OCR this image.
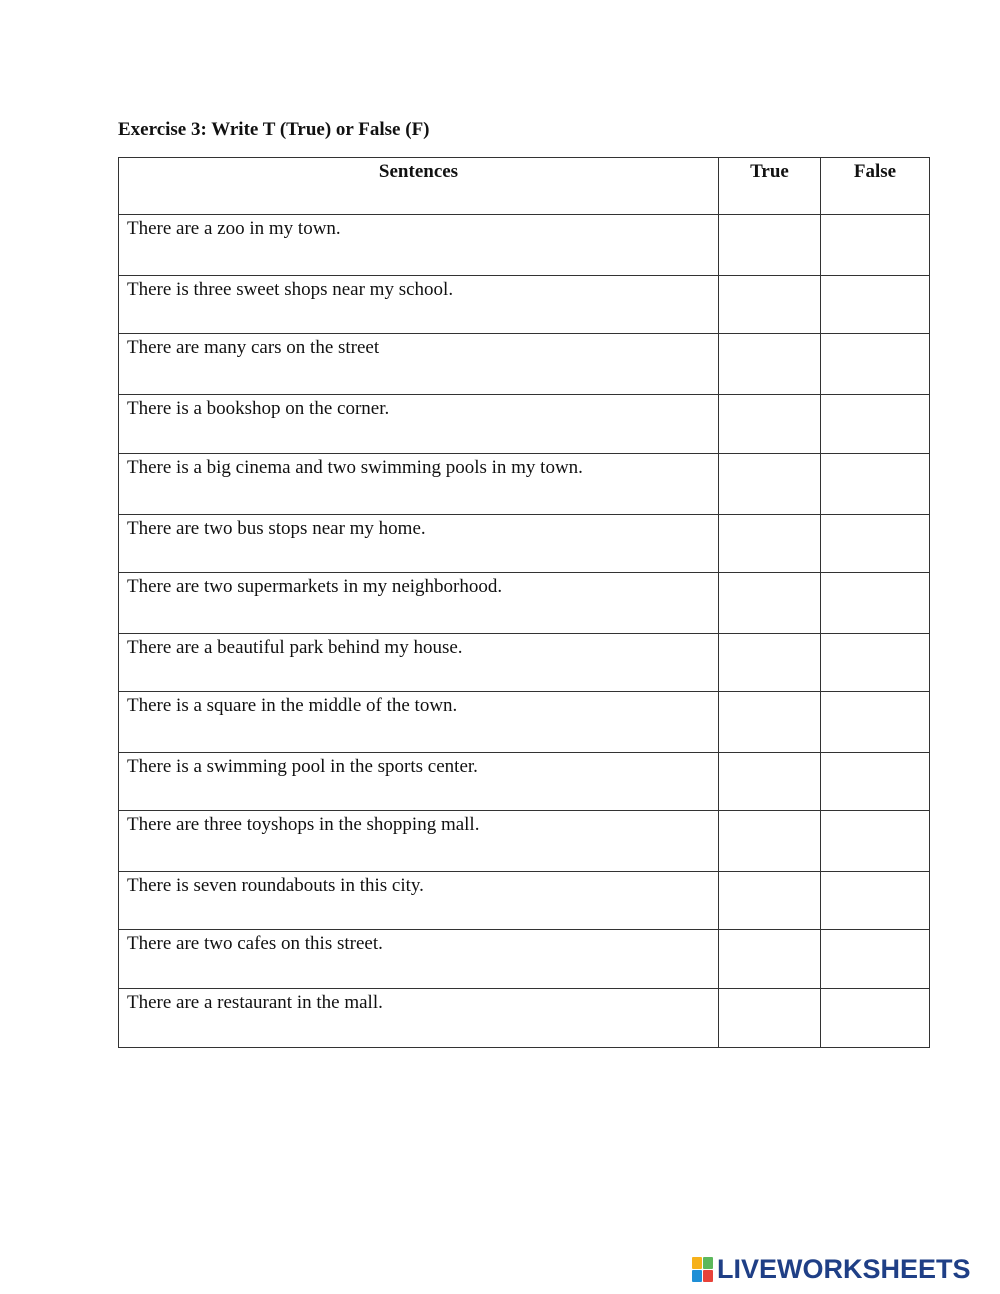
Exercise 3: Write T (True) or False (F)
Sentences	True	False
There are a zoo in my town.		
There is three sweet shops near my school.		
There are many cars on the street		
There is a bookshop on the corner.		
There is a big cinema and two swimming pools in my town.		
There are two bus stops near my home.		
There are two supermarkets in my neighborhood.		
There are a beautiful park behind my house.		
There is a square in the middle of the town.		
There is a swimming pool in the sports center.		
There are three toyshops in the shopping mall.		
There is seven roundabouts in this city.		
There are two cafes on this street.		
There are a restaurant in the mall.		
LIVEWORKSHEETS
